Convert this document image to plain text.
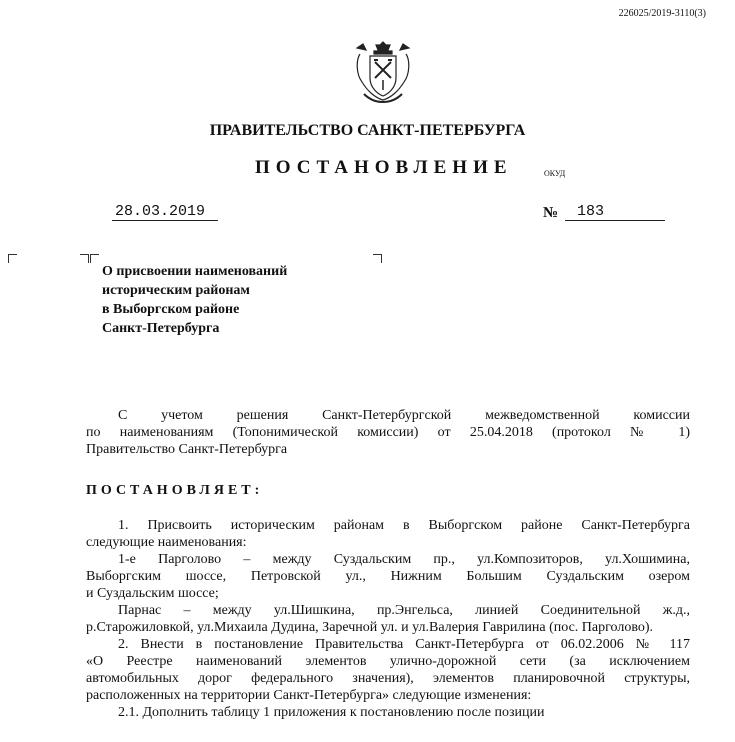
226025/2019-3110(3)
ПРАВИТЕЛЬСТВО САНКТ-ПЕТЕРБУРГА
ПОСТАНОВЛЕНИЕ	ОКУД
28.03.2019	№ 183
О присвоении наименований
историческим районам
в Выборгском районе
Санкт-Петербурга

С учетом решения Санкт-Петербургской межведомственной комиссии

по наименованиям (Топонимической комиссии) от 25.04.2018 (протокол № 1)

Правительство Санкт-Петербурга

ПОСТАНОВЛЯЕТ:

1. Присвоить историческим районам в Выборгском районе Санкт-Петербурга

следующие наименования:

1-е Парголово – между Суздальским пр., ул.Композиторов, ул.Хошимина,

Выборгским шоссе, Петровской ул., Нижним Большим Суздальским озером

и Суздальским шоссе;

Парнас – между ул.Шишкина, пр.Энгельса, линией Соединительной ж.д.,

р.Старожиловкой, ул.Михаила Дудина, Заречной ул. и ул.Валерия Гаврилина (пос. Парголово).

2. Внести в постановление Правительства Санкт-Петербурга от 06.02.2006 № 117

«О Реестре наименований элементов улично-дорожной сети (за исключением

автомобильных дорог федерального значения), элементов планировочной структуры,

расположенных на территории Санкт-Петербурга» следующие изменения:

2.1. Дополнить таблицу 1 приложения к постановлению после позиции
